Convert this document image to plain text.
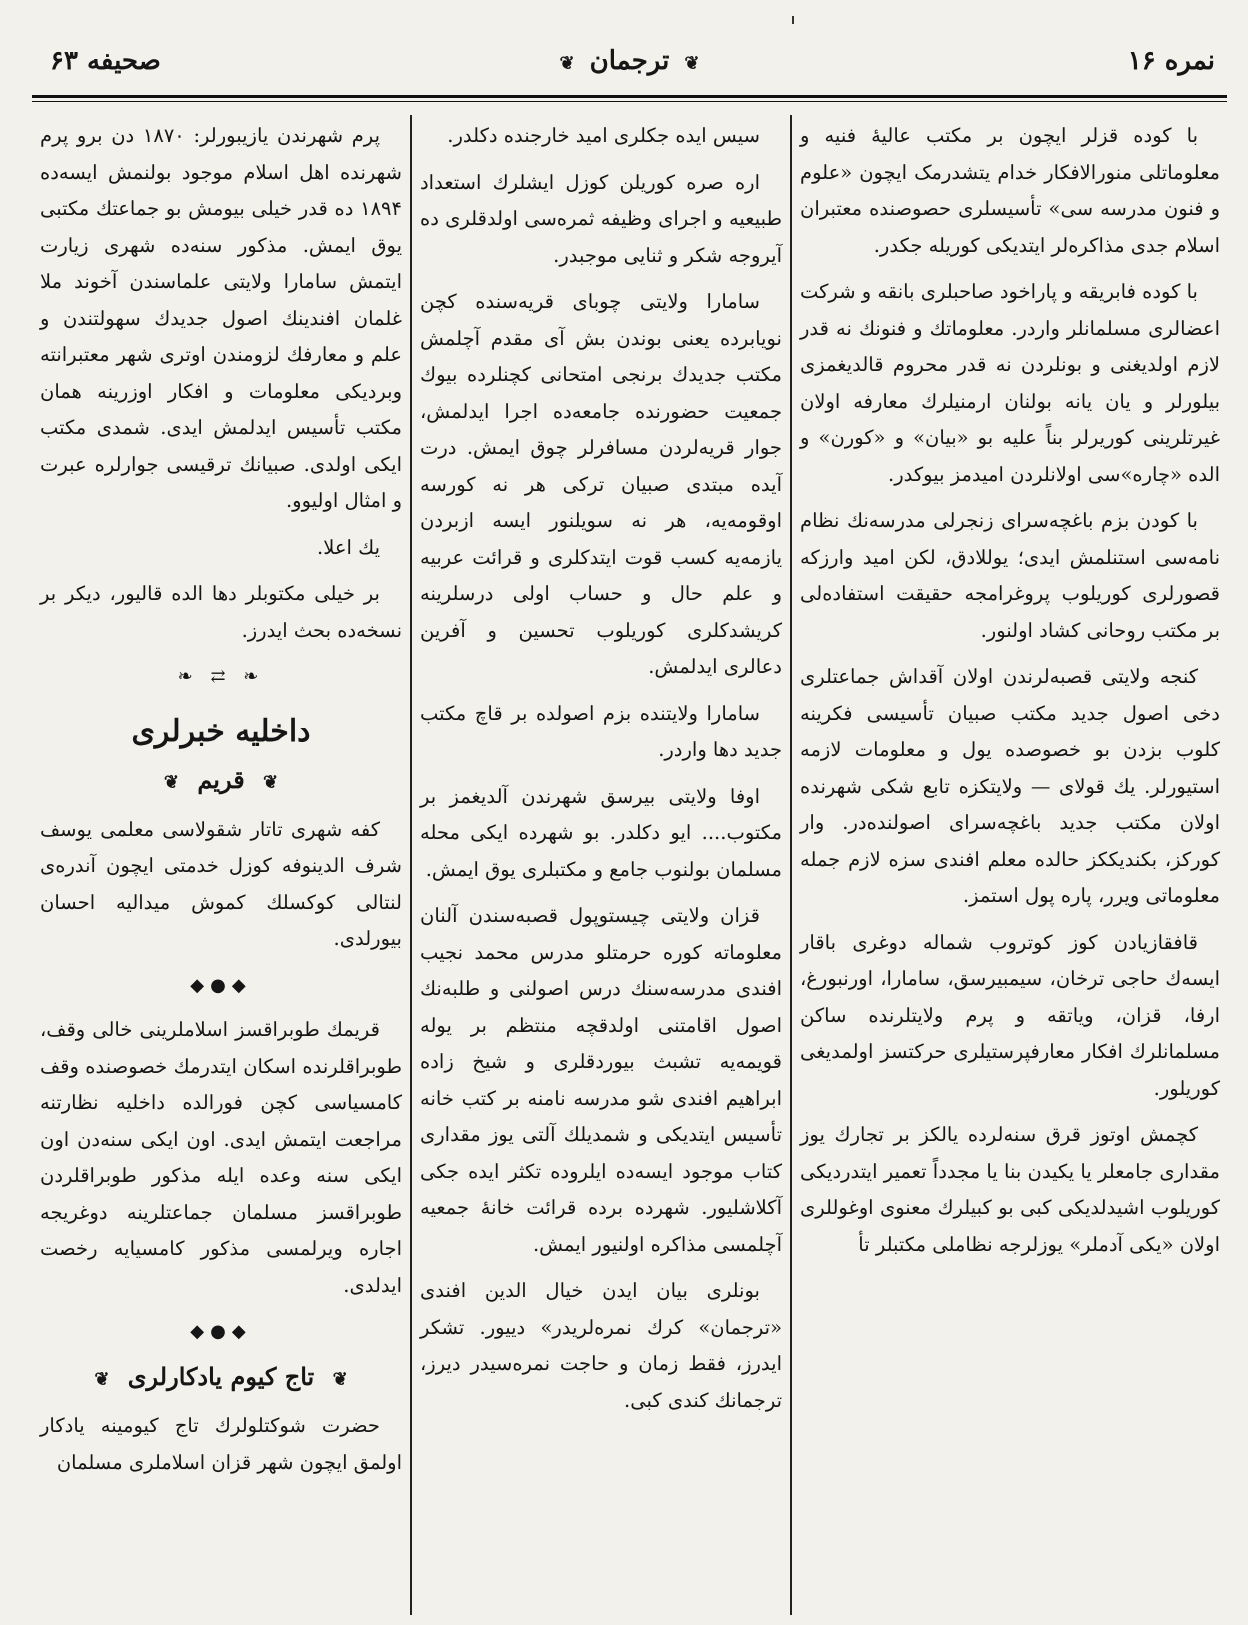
صحیفه ۶۳	❦ ترجمان ❦	نمره ۱۶

با کوده قزلر ایچون بر مکتب عالیهٔ فنیه و معلوماتلی منورالافکار خدام یتشدرمک ایچون «علوم و فنون مدرسه سی» تأسیسلری حصوصنده معتبران اسلام جدی مذاکره‌لر ایتدیکی کوریله جکدر.

با کوده فابریقه و پاراخود صاحبلری بانقه و شرکت اعضالری مسلمانلر واردر. معلوماتك و فنونك نه قدر لازم اولدیغنی و بونلردن نه قدر محروم قالدیغمزی بیلورلر و یان یانه بولنان ارمنیلرك معارفه اولان غیرتلرینی کوریرلر بناً علیه بو «بیان» و «کورن» و الده «چاره»‌سی اولانلردن امیدمز بیوکدر.

با کودن بزم باغچه‌سرای زنجرلی مدرسه‌نك نظام نامه‌سی استنلمش ایدی؛ یوللادق، لکن امید وارزکه قصورلری کوریلوب پروغرامجه حقیقت استفاده‌لی بر مکتب روحانی کشاد اولنور.

کنجه ولایتی قصبه‌لرندن اولان آقداش جماعتلری دخی اصول جدید مکتب صبیان تأسیسی فکرینه کلوب بزدن بو خصوصده یول و معلومات لازمه استیورلر. یك قولای — ولایتکزه تابع شکی شهرنده اولان مکتب جدید باغچه‌سرای اصولنده‌در. وار کورکز، بکندیککز حالده معلم افندی سزه لازم جمله معلوماتی ویرر، پاره پول استمز.

قافقازیادن کوز کوتروب شماله دوغری باقار ایسه‌ك حاجی ترخان، سیمبیرسق، سامارا، اورنبورغ، ارفا، قزان، ویاتقه و پرم ولایتلرنده ساکن مسلمانلرك افکار معارفپرستیلری حرکتسز اولمدیغی کوریلور.

کچمش اوتوز قرق سنه‌لرده یالکز بر تجارك یوز مقداری جامعلر یا یکیدن بنا یا مجدداً تعمیر ایتدردیکی کوریلوب اشیدلدیکی کبی بو کبیلرك معنوی اوغوللری اولان «یکی آدملر» یوزلرجه نظاملی مکتبلر تأ

سیس ایده جکلری امید خارجنده دکلدر.

اره صره کوریلن کوزل ایشلرك استعداد طبیعیه و اجرای وظیفه ثمره‌سی اولدقلری ده آیروجه شکر و ثنایی موجبدر.

سامارا ولایتی چوبای قریه‌سنده کچن نویابرده یعنی بوندن بش آی مقدم آچلمش مکتب جدیدك برنجی امتحانی کچنلرده بیوك جمعیت حضورنده جامعه‌ده اجرا ایدلمش، جوار قریه‌لردن مسافرلر چوق ایمش. درت آیده مبتدی صبیان ترکی هر نه کورسه اوقومه‌یه، هر نه سویلنور ایسه ازبردن یازمه‌یه کسب قوت ایتدکلری و قرائت عربیه و علم حال و حساب اولی درسلرینه کریشدکلری کوریلوب تحسین و آفرین دعالری ایدلمش.

سامارا ولایتنده بزم اصولده بر قاچ مکتب جدید دها واردر.

اوفا ولایتی بیرسق شهرندن آلدیغمز بر مکتوب.... ایو دکلدر. بو شهرده ایکی محله مسلمان بولنوب جامع و مکتبلری یوق ایمش.

قزان ولایتی چیستوپول قصبه‌سندن آلنان معلوماته کوره حرمتلو مدرس محمد نجیب افندی مدرسه‌سنك درس اصولنی و طلبه‌نك اصول اقامتنی اولدقچه منتظم بر یوله قویمه‌یه تشبث بیوردقلری و شیخ زاده ابراهیم افندی شو مدرسه نامنه بر کتب خانه تأسیس ایتدیکی و شمدیلك آلتی یوز مقداری کتاب موجود ایسه‌ده ایلروده تکثر ایده جکی آکلاشلیور. شهرده برده قرائت خانهٔ جمعیه آچلمسی مذاکره اولنیور ایمش.

بونلری بیان ایدن خیال الدین افندی «ترجمان» کرك نمره‌لریدر» دییور. تشکر ایدرز، فقط زمان و حاجت نمره‌سیدر دیرز، ترجمانك کندی کبی.

پرم شهرندن یازیبورلر: ۱۸۷۰ دن برو پرم شهرنده اهل اسلام موجود بولنمش ایسه‌ده ۱۸۹۴ ده قدر خیلی بیومش بو جماعتك مکتبی یوق ایمش. مذکور سنه‌ده شهری زیارت ایتمش سامارا ولایتی علماسندن آخوند ملا غلمان افندینك اصول جدیدك سهولتندن و علم و معارفك لزومندن اوتری شهر معتبرانته وبردیکی معلومات و افکار اوزرینه همان مکتب تأسیس ایدلمش ایدی. شمدی مکتب ایکی اولدی. صبیانك ترقیسی جوارلره عبرت و امثال اولیوو.

یك اعلا.

بر خیلی مکتوبلر دها الده قالیور، دیکر بر نسخه‌ده بحث ایدرز.

❧ ⇄ ❧
داخلیه خبرلری
❦ قریم ❦

کفه شهری تاتار شقولاسی معلمی یوسف شرف الدینوفه کوزل خدمتی ایچون آندره‌ی لنتالی کوکسلك کموش میدالیه احسان بیورلدی.

◆●◆

قریمك طوبراقسز اسلاملرینی خالی وقف، طوبراقلرنده اسکان ایتدرمك خصوصنده وقف کامسیاسی کچن فورالده داخلیه نظارتنه مراجعت ایتمش ایدی. اون ایکی سنه‌دن اون ایکی سنه وعده ایله مذکور طوبراقلردن طوبراقسز مسلمان جماعتلرینه دوغریجه اجاره ویرلمسی مذکور کامسیایه رخصت ایدلدی.

◆●◆
❦ تاج کیوم یادکارلری ❦

حضرت شوکتلولرك تاج کیومینه یادکار اولمق ایچون شهر قزان اسلاملری مسلمان
